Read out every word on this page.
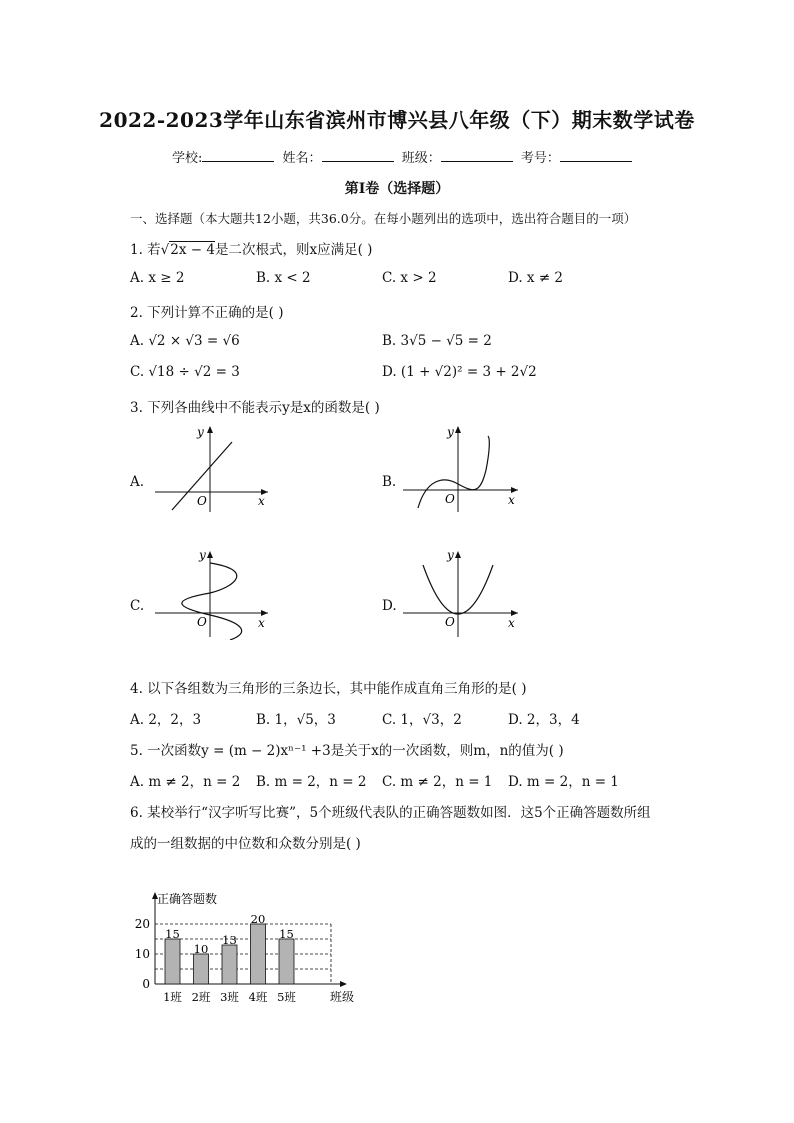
2022-2023学年山东省滨州市博兴县八年级（下）期末数学试卷
学校:	姓名：	班级：	考号：
第I卷（选择题）
一、选择题（本大题共12小题，共36.0分。在每小题列出的选项中，选出符合题目的一项）
1. 若√2x − 4是二次根式，则x应满足( )
A. x ≥ 2	B. x < 2	C. x > 2	D. x ≠ 2
2. 下列计算不正确的是( )
A. √2 × √3 = √6	B. 3√5 − √5 = 2
C. √18 ÷ √2 = 3	D. (1 + √2)² = 3 + 2√2
3. 下列各曲线中不能表示y是x的函数是( )
A.	B.
C.	D.
O	x
y
O	x
y
O	x
y
O	x
y
4. 以下各组数为三角形的三条边长，其中能作成直角三角形的是( )
A. 2，2，3	B. 1，√5，3	C. 1，√3，2	D. 2，3，4
5. 一次函数y = (m − 2)xⁿ⁻¹ +3是关于x的一次函数，则m，n的值为( )
A. m ≠ 2，n = 2 B. m = 2，n = 2 C. m ≠ 2，n = 1 D. m = 2，n = 1
6. 某校举行“汉字听写比赛”，5个班级代表队的正确答题数如图．这5个正确答题数所组
成的一组数据的中位数和众数分别是( )
正确答题数
班级
0
10
20
15
1班
10
2班
13
3班
20
4班
15
5班
